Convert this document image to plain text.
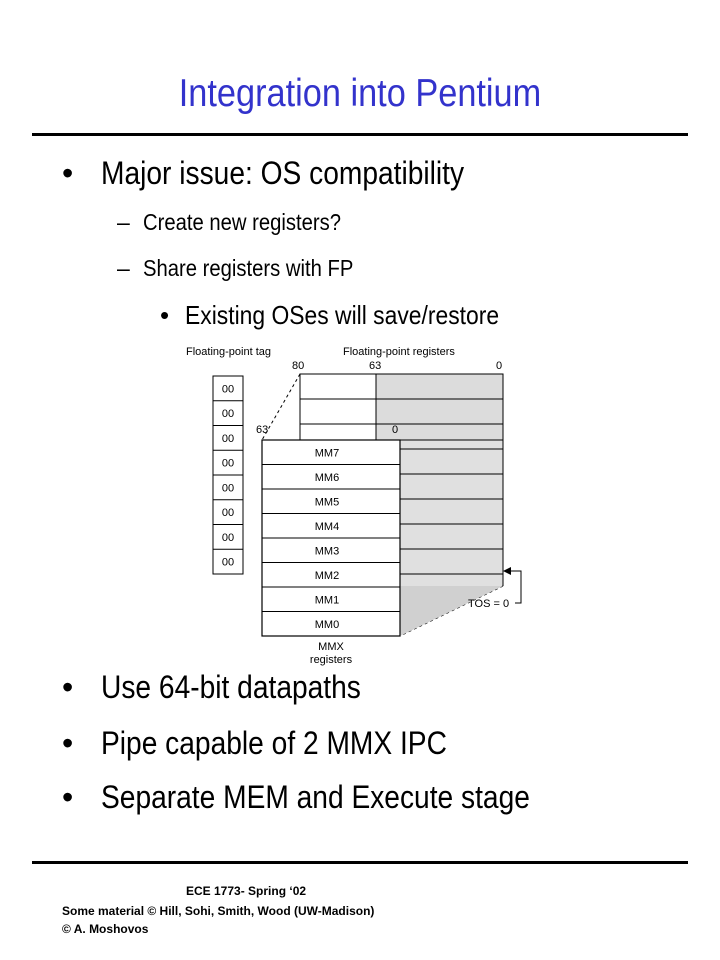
Integration into Pentium
• Major issue: OS compatibility
– Create new registers?
– Share registers with FP
• Existing OSes will save/restore
Floating-point tag	Floating-point registers
00
00
00
00
00
00
00
00
80	63	0
63	0
MM7
MM6
MM5
MM4
MM3
MM2
MM1
MM0
TOS = 0
MMX
registers
• Use 64-bit datapaths
• Pipe capable of 2 MMX IPC
• Separate MEM and Execute stage
ECE 1773- Spring ‘02
Some material © Hill, Sohi, Smith, Wood (UW-Madison)
© A. Moshovos
